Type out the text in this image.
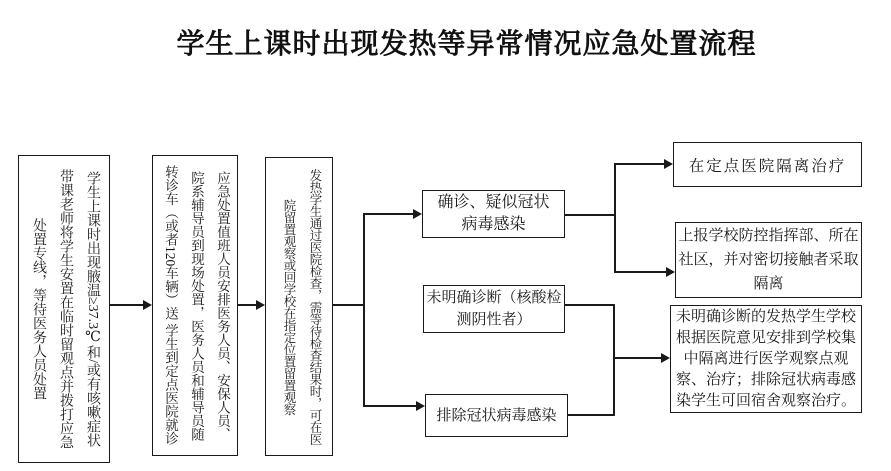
学生上课时出现发热等异常情况应急处置流程
学生上课时出现腋温≥37.3℃和/或有咳嗽症状带课老师将学生安置在临时留观点并拨打应急处置专线，等待医务人员处置	应急处置值班人员安排医务人员、安保人员、院系辅导员到现场处置，医务人员和辅导员随转诊车（或者120车辆）送 学生到定点医院就诊	发热学生通过医院检查，需等待检查结果时，可在医院留置观察或回学校在指定位置留置观察	确诊、疑似冠状病毒感染
未明确诊断（核酸检测阴性者）
排除冠状病毒感染
在定点医院隔离治疗
上报学校防控指挥部、所在社区，并对密切接触者采取隔离
未明确诊断的发热学生学校根据医院意见安排到学校集中隔离进行医学观察点观察、治疗；排除冠状病毒感染学生可回宿舍观察治疗。
